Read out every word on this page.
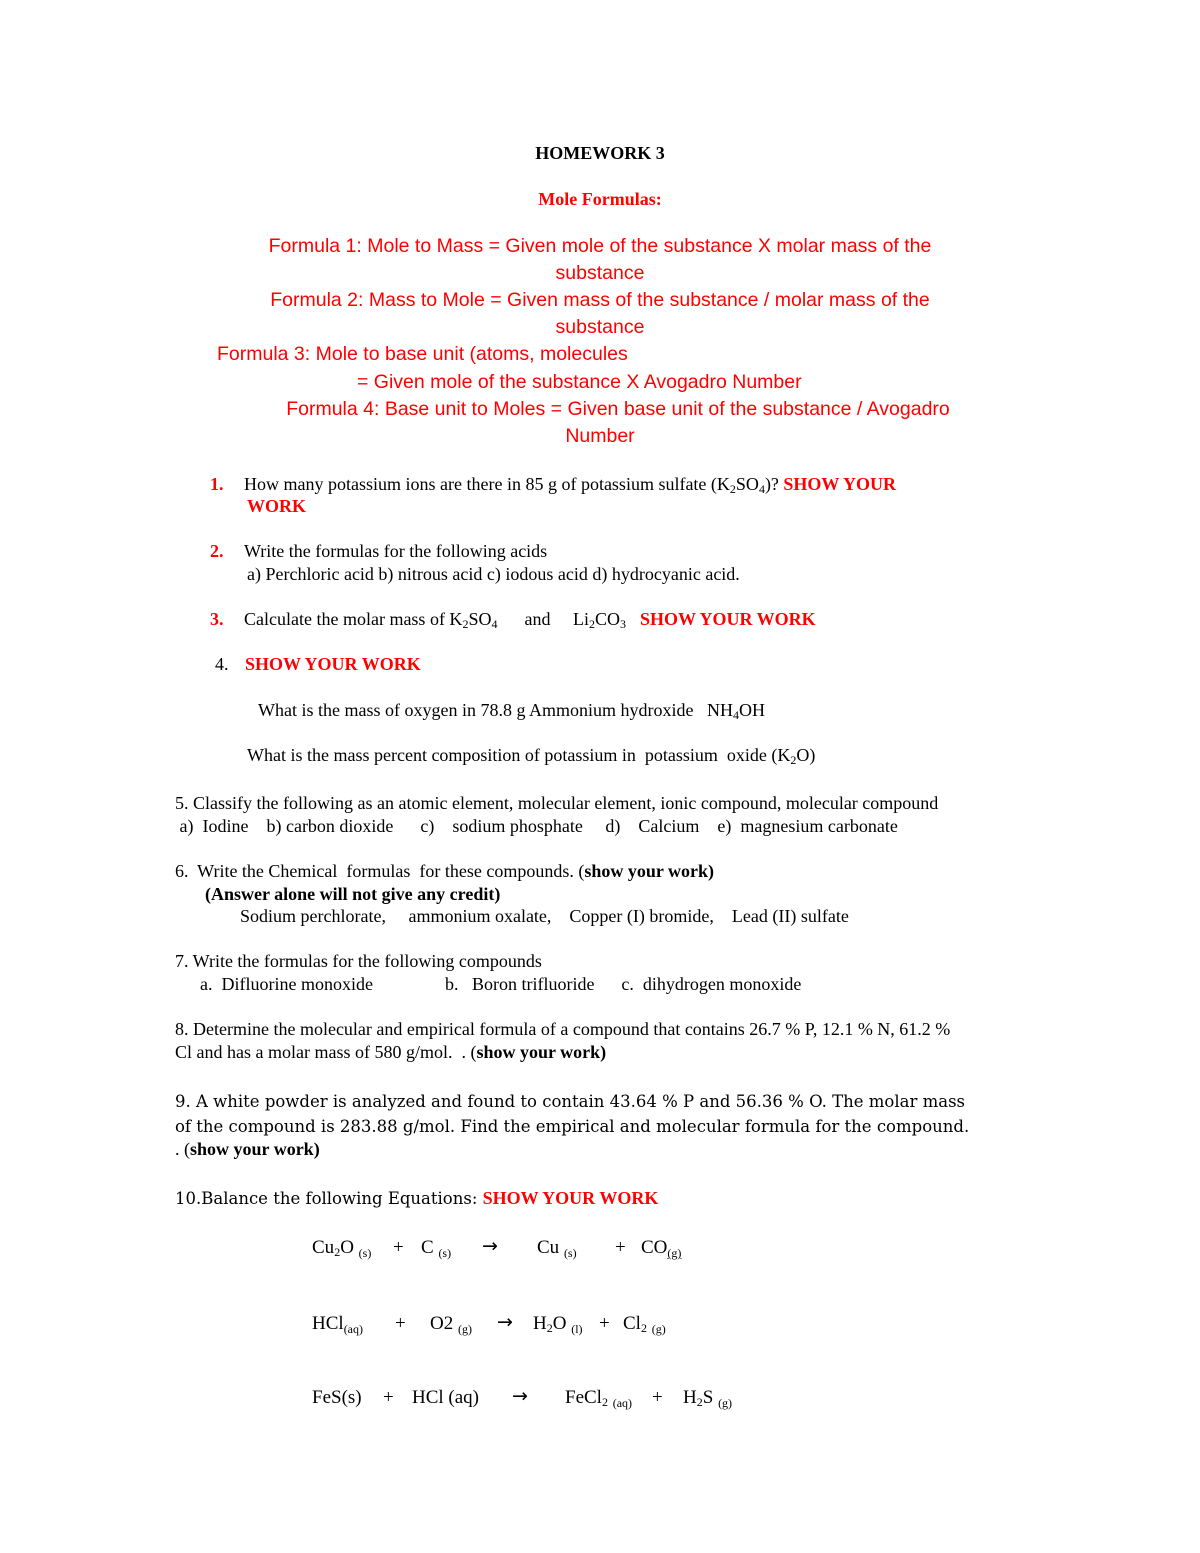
HOMEWORK 3
Mole Formulas:
Formula 1: Mole to Mass = Given mole of the substance X molar mass of the
substance
Formula 2: Mass to Mole = Given mass of the substance / molar mass of the
substance
Formula 3: Mole to base unit (atoms, molecules
= Given mole of the substance X Avogadro Number
Formula 4: Base unit to Moles = Given base unit of the substance / Avogadro
Number
1. How many potassium ions are there in 85 g of potassium sulfate $(K_2SO_4)$? SHOW YOUR
WORK
2. Write the formulas for the following acids
a) Perchloric acid b) nitrous acid c) iodous acid d) hydrocyanic acid.
3. Calculate the molar mass of $K_2SO_4$      and     $Li_2CO_3$ SHOW YOUR WORK
4. SHOW YOUR WORK
What is the mass of oxygen in 78.8 g Ammonium hydroxide   $NH_4OH$
What is the mass percent composition of potassium in  potassium  oxide $(K_2O)$
5. Classify the following as an atomic element, molecular element, ionic compound, molecular compound
a)  Iodine    b) carbon dioxide      c)    sodium phosphate     d)    Calcium    e)  magnesium carbonate
6.  Write the Chemical  formulas  for these compounds. (show your work)
(Answer alone will not give any credit)
Sodium perchlorate,     ammonium oxalate,    Copper (I) bromide,    Lead (II) sulfate
7. Write the formulas for the following compounds
a.  Difluorine monoxide                b.   Boron trifluoride      c.  dihydrogen monoxide
8. Determine the molecular and empirical formula of a compound that contains 26.7 % P, 12.1 % N, 61.2 %
Cl and has a molar mass of 580 g/mol.  . (show your work)
9. A white powder is analyzed and found to contain 43.64 % P and 56.36 % O. The molar mass
of the compound is 283.88 g/mol. Find the empirical and molecular formula for the compound.
. (show your work)
10.Balance the following Equations: SHOW YOUR WORK
$Cu_2O$ $_{(s)}$ + C $_{(s)}$ → Cu $_{(s)} + CO_{(g)}$
HCl$_{(aq)}$ + O2 $_{(g)} \to H_2O$ $_{(l)} + Cl_2$ $_{(g)}$
FeS(s) + HCl (aq) → FeCl$_2$ $_{(aq)} + H_2S$ $_{(g)}$
